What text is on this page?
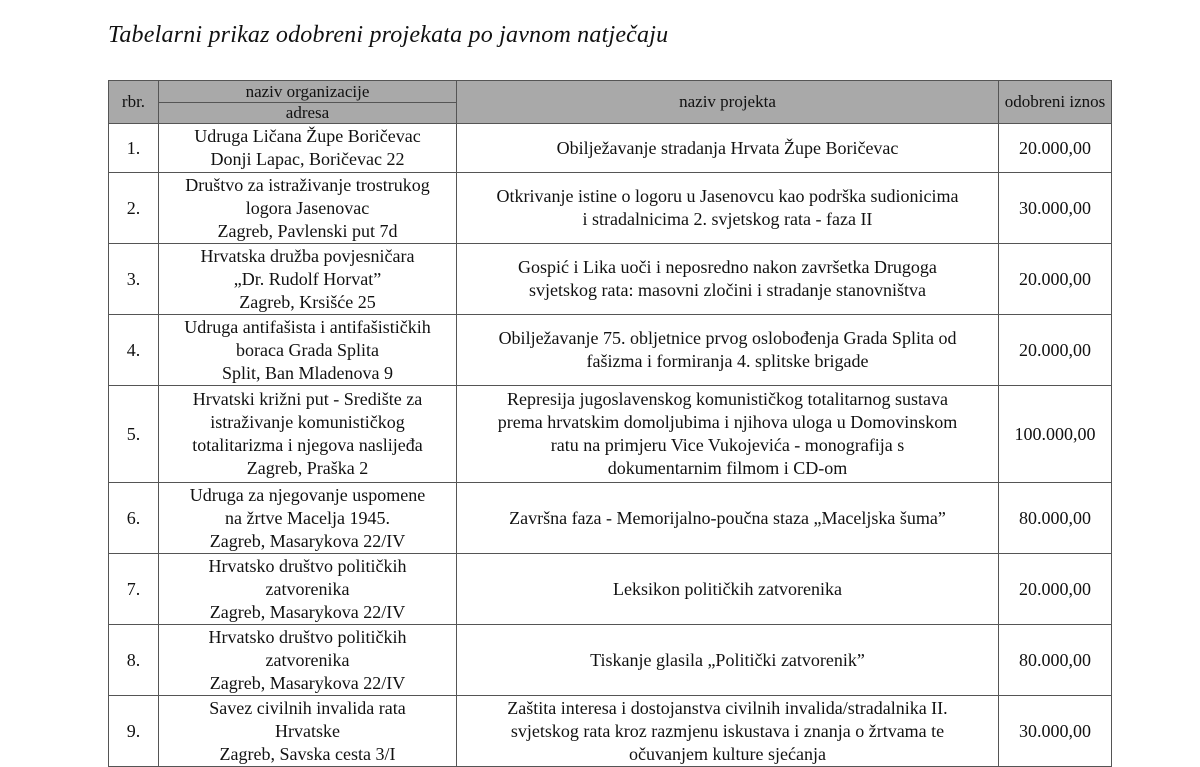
Tabelarni prikaz odobreni projekata po javnom natječaju
rbr.	naziv organizacije
adresa	naziv projekta	odobreni iznos
1.	Udruga Ličana Župe Boričevac
Donji Lapac, Boričevac 22	Obilježavanje stradanja Hrvata Župe Boričevac	20.000,00
2.	Društvo za istraživanje trostrukog
logora Jasenovac
Zagreb, Pavlenski put 7d	Otkrivanje istine o logoru u Jasenovcu kao podrška sudionicima
i stradalnicima 2. svjetskog rata - faza II	30.000,00
3.	Hrvatska družba povjesničara
„Dr. Rudolf Horvat”
Zagreb, Krsišće 25	Gospić i Lika uoči i neposredno nakon završetka Drugoga
svjetskog rata: masovni zločini i stradanje stanovništva	20.000,00
4.	Udruga antifašista i antifašističkih
boraca Grada Splita
Split, Ban Mladenova 9	Obilježavanje 75. obljetnice prvog oslobođenja Grada Splita od
fašizma i formiranja 4. splitske brigade	20.000,00
5.	Hrvatski križni put - Središte za
istraživanje komunističkog
totalitarizma i njegova naslijeđa
Zagreb, Praška 2	Represija jugoslavenskog komunističkog totalitarnog sustava
prema hrvatskim domoljubima i njihova uloga u Domovinskom
ratu na primjeru Vice Vukojevića - monografija s
dokumentarnim filmom i CD-om	100.000,00
6.	Udruga za njegovanje uspomene
na žrtve Macelja 1945.
Zagreb, Masarykova 22/IV	Završna faza - Memorijalno-poučna staza „Maceljska šuma”	80.000,00
7.	Hrvatsko društvo političkih
zatvorenika
Zagreb, Masarykova 22/IV	Leksikon političkih zatvorenika	20.000,00
8.	Hrvatsko društvo političkih
zatvorenika
Zagreb, Masarykova 22/IV	Tiskanje glasila „Politički zatvorenik”	80.000,00
9.	Savez civilnih invalida rata
Hrvatske
Zagreb, Savska cesta 3/I	Zaštita interesa i dostojanstva civilnih invalida/stradalnika II.
svjetskog rata kroz razmjenu iskustava i znanja o žrtvama te
očuvanjem kulture sjećanja	30.000,00
